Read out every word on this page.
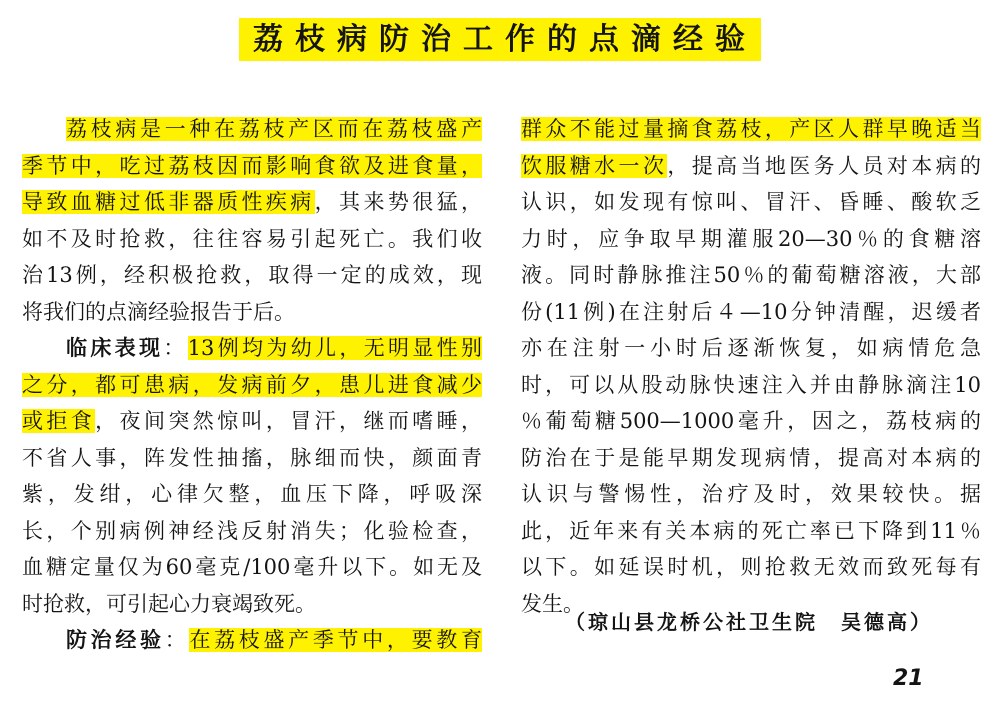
荔枝病防治工作的点滴经验
荔枝病是一种在荔枝产区而在荔枝盛产
季节中，吃过荔枝因而影响食欲及进食量，
导致血糖过低非器质性疾病，其来势很猛，
如不及时抢救，往往容易引起死亡。我们收
治13例，经积极抢救，取得一定的成效，现
将我们的点滴经验报告于后。
临床表现：13例均为幼儿，无明显性别
之分，都可患病，发病前夕，患儿进食减少
或拒食，夜间突然惊叫，冒汗，继而嗜睡，
不省人事，阵发性抽搐，脉细而快，颜面青
紫，发绀，心律欠整，血压下降，呼吸深
长，个别病例神经浅反射消失；化验检查，
血糖定量仅为60毫克/100毫升以下。如无及
时抢救，可引起心力衰竭致死。
防治经验：在荔枝盛产季节中，要教育
群众不能过量摘食荔枝，产区人群早晚适当
饮服糖水一次，提高当地医务人员对本病的
认识，如发现有惊叫、冒汗、昏睡、酸软乏
力时，应争取早期灌服20—30％的食糖溶
液。同时静脉推注50％的葡萄糖溶液，大部
份(11例)在注射后４—10分钟清醒，迟缓者
亦在注射一小时后逐渐恢复，如病情危急
时，可以从股动脉快速注入并由静脉滴注10
％葡萄糖500—1000毫升，因之，荔枝病的
防治在于是能早期发现病情，提高对本病的
认识与警惕性，治疗及时，效果较快。据
此，近年来有关本病的死亡率已下降到11％
以下。如延误时机，则抢救无效而致死每有
发生。
（琼山县龙桥公社卫生院　吴德高）
21
